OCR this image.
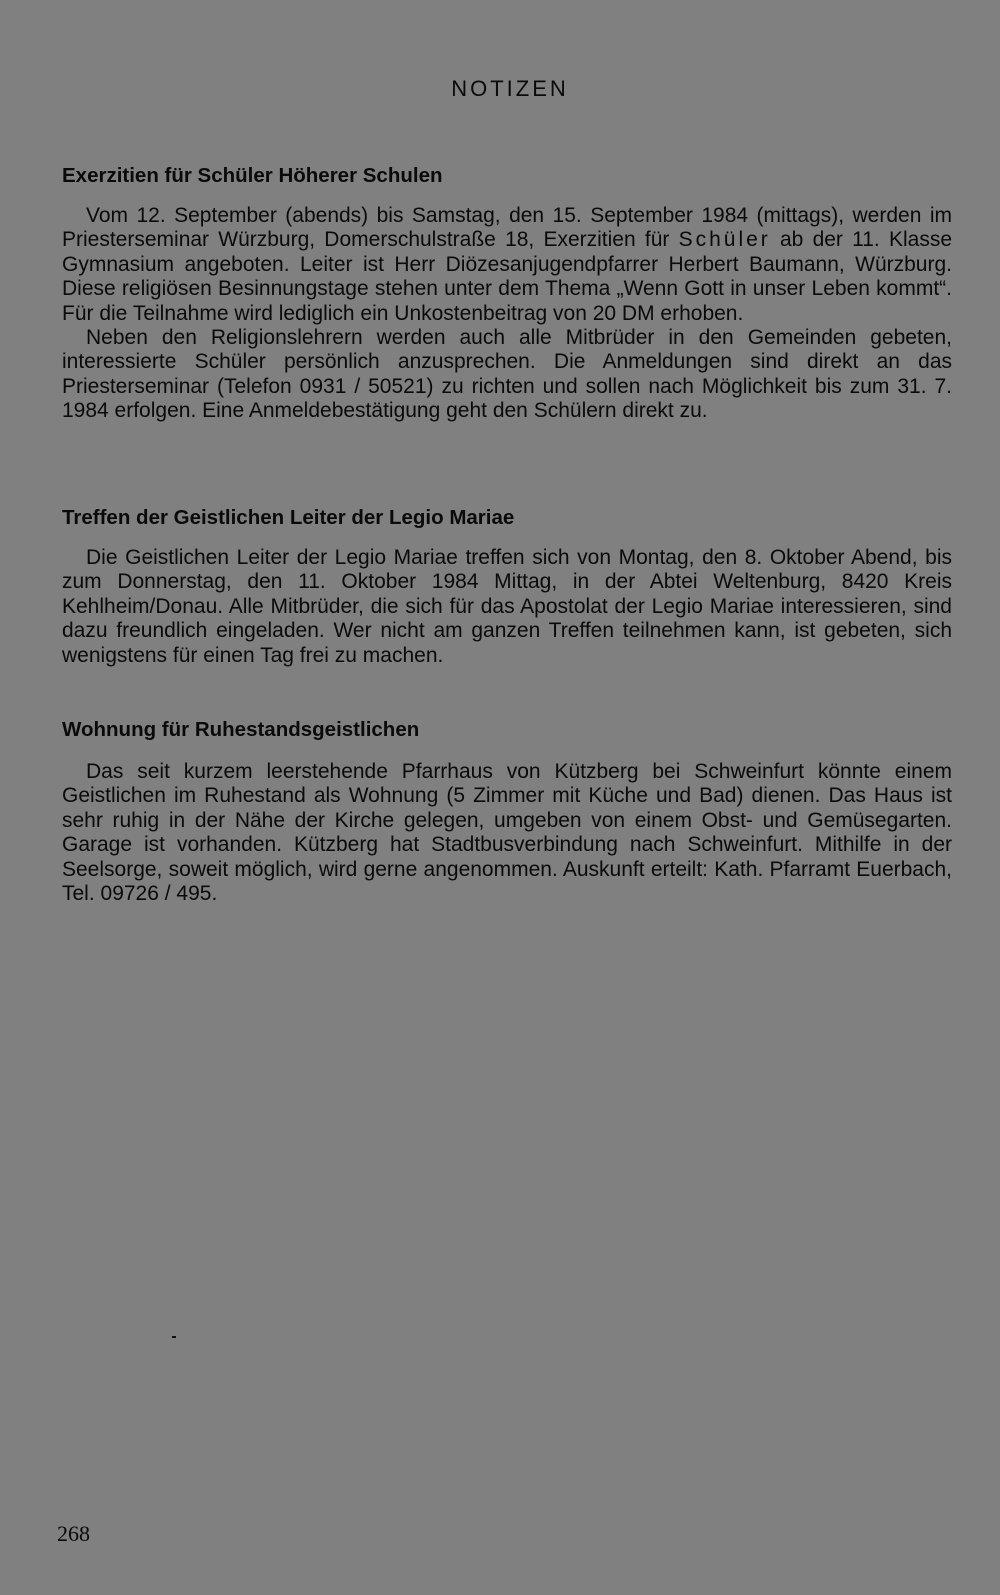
NOTIZEN
Exerzitien für Schüler Höherer Schulen

Vom 12. September (abends) bis Samstag, den 15. September 1984 (mittags), werden im Priesterseminar Würzburg, Domerschulstraße 18, Exerzitien für Schüler ab der 11. Klasse Gymnasium angeboten. Leiter ist Herr Diözesanjugendpfarrer Herbert Baumann, Würzburg. Diese religiösen Besinnungstage stehen unter dem Thema „Wenn Gott in unser Leben kommt“. Für die Teilnahme wird lediglich ein Unkostenbeitrag von 20 DM erhoben.

Neben den Religionslehrern werden auch alle Mitbrüder in den Gemeinden gebeten, interessierte Schüler persönlich anzusprechen. Die Anmeldungen sind direkt an das Priesterseminar (Telefon 0931 / 50521) zu richten und sollen nach Möglichkeit bis zum 31. 7. 1984 erfolgen. Eine Anmeldebestätigung geht den Schülern direkt zu.

Treffen der Geistlichen Leiter der Legio Mariae

Die Geistlichen Leiter der Legio Mariae treffen sich von Montag, den 8. Oktober Abend, bis zum Donnerstag, den 11. Oktober 1984 Mittag, in der Abtei Weltenburg, 8420 Kreis Kehlheim/Donau. Alle Mitbrüder, die sich für das Apostolat der Legio Mariae interessieren, sind dazu freundlich eingeladen. Wer nicht am ganzen Treffen teilnehmen kann, ist gebeten, sich wenigstens für einen Tag frei zu machen.

Wohnung für Ruhestandsgeistlichen

Das seit kurzem leerstehende Pfarrhaus von Kützberg bei Schweinfurt könnte einem Geistlichen im Ruhestand als Wohnung (5 Zimmer mit Küche und Bad) dienen. Das Haus ist sehr ruhig in der Nähe der Kirche gelegen, umgeben von einem Obst- und Gemüsegarten. Garage ist vorhanden. Kützberg hat Stadtbusverbindung nach Schweinfurt. Mithilfe in der Seelsorge, soweit möglich, wird gerne angenommen. Auskunft erteilt: Kath. Pfarramt Euerbach, Tel. 09726 / 495.

268
